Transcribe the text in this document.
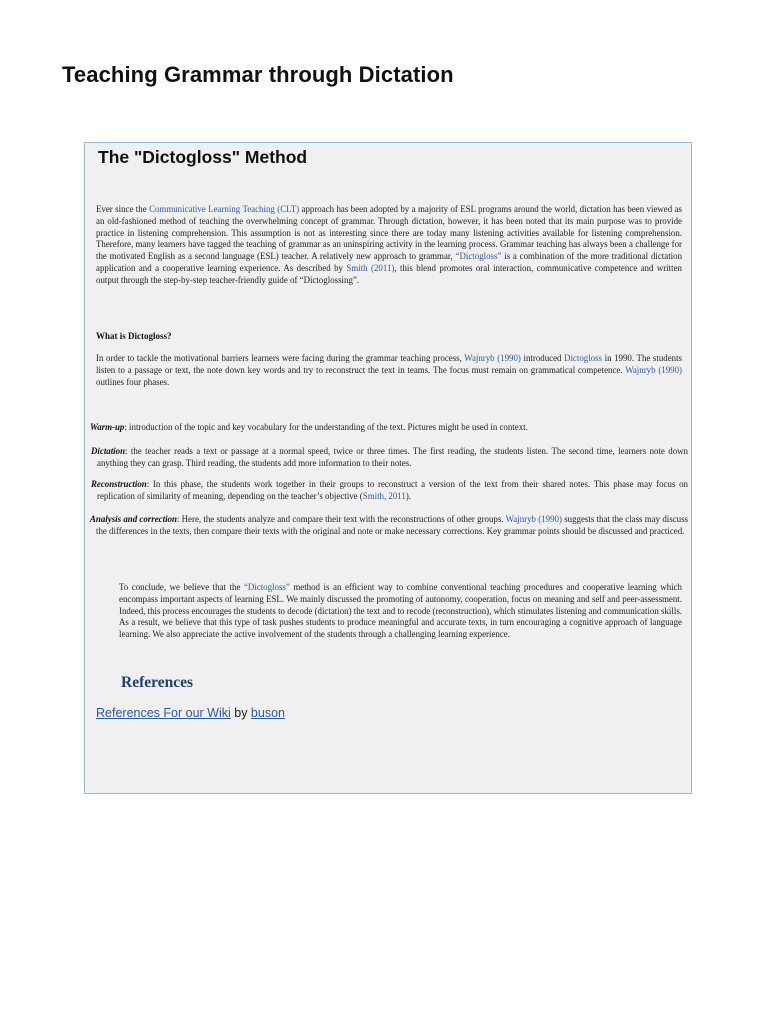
Teaching Grammar through Dictation
The "Dictogloss" Method

Ever since the Communicative Learning Teaching (CLT) approach has been adopted by a majority of ESL programs around the world, dictation has been viewed as an old-fashioned method of teaching the overwhelming concept of grammar. Through dictation, however, it has been noted that its main purpose was to provide practice in listening comprehension. This assumption is not as interesting since there are today many listening activities available for listening comprehension. Therefore, many learners have tagged the teaching of grammar as an uninspiring activity in the learning process. Grammar teaching has always been a challenge for the motivated English as a second language (ESL) teacher. A relatively new approach to grammar, “Dictogloss” is a combination of the more traditional dictation application and a cooperative learning experience. As described by Smith (2011), this blend promotes oral interaction, communicative competence and written output through the step-by-step teacher-friendly guide of “Dictoglossing”.

What is Dictogloss?

In order to tackle the motivational barriers learners were facing during the grammar teaching process, Wajnryb (1990) introduced Dictogloss in 1990. The students listen to a passage or text, the note down key words and try to reconstruct the text in teams. The focus must remain on grammatical competence. Wajnryb (1990) outlines four phases.

Warm-up: introduction of the topic and key vocabulary for the understanding of the text. Pictures might be used in context.

Dictation: the teacher reads a text or passage at a normal speed, twice or three times. The first reading, the students listen. The second time, learners note down anything they can grasp. Third reading, the students add more information to their notes.

Reconstruction: In this phase, the students work together in their groups to reconstruct a version of the text from their shared notes. This phase may focus on replication of similarity of meaning, depending on the teacher’s objective (Smith, 2011).

Analysis and correction: Here, the students analyze and compare their text with the reconstructions of other groups. Wajnryb (1990) suggests that the class may discuss the differences in the texts, then compare their texts with the original and note or make necessary corrections. Key grammar points should be discussed and practiced.

To conclude, we believe that the “Dictogloss” method is an efficient way to combine conventional teaching procedures and cooperative learning which encompass important aspects of learning ESL. We mainly discussed the promoting of autonomy, cooperation, focus on meaning and self and peer-assessment. Indeed, this process encourages the students to decode (dictation) the text and to recode (reconstruction), which stimulates listening and communication skills. As a result, we believe that this type of task pushes students to produce meaningful and accurate texts, in turn encouraging a cognitive approach of language learning. We also appreciate the active involvement of the students through a challenging learning experience.

References

References For our Wiki by buson
